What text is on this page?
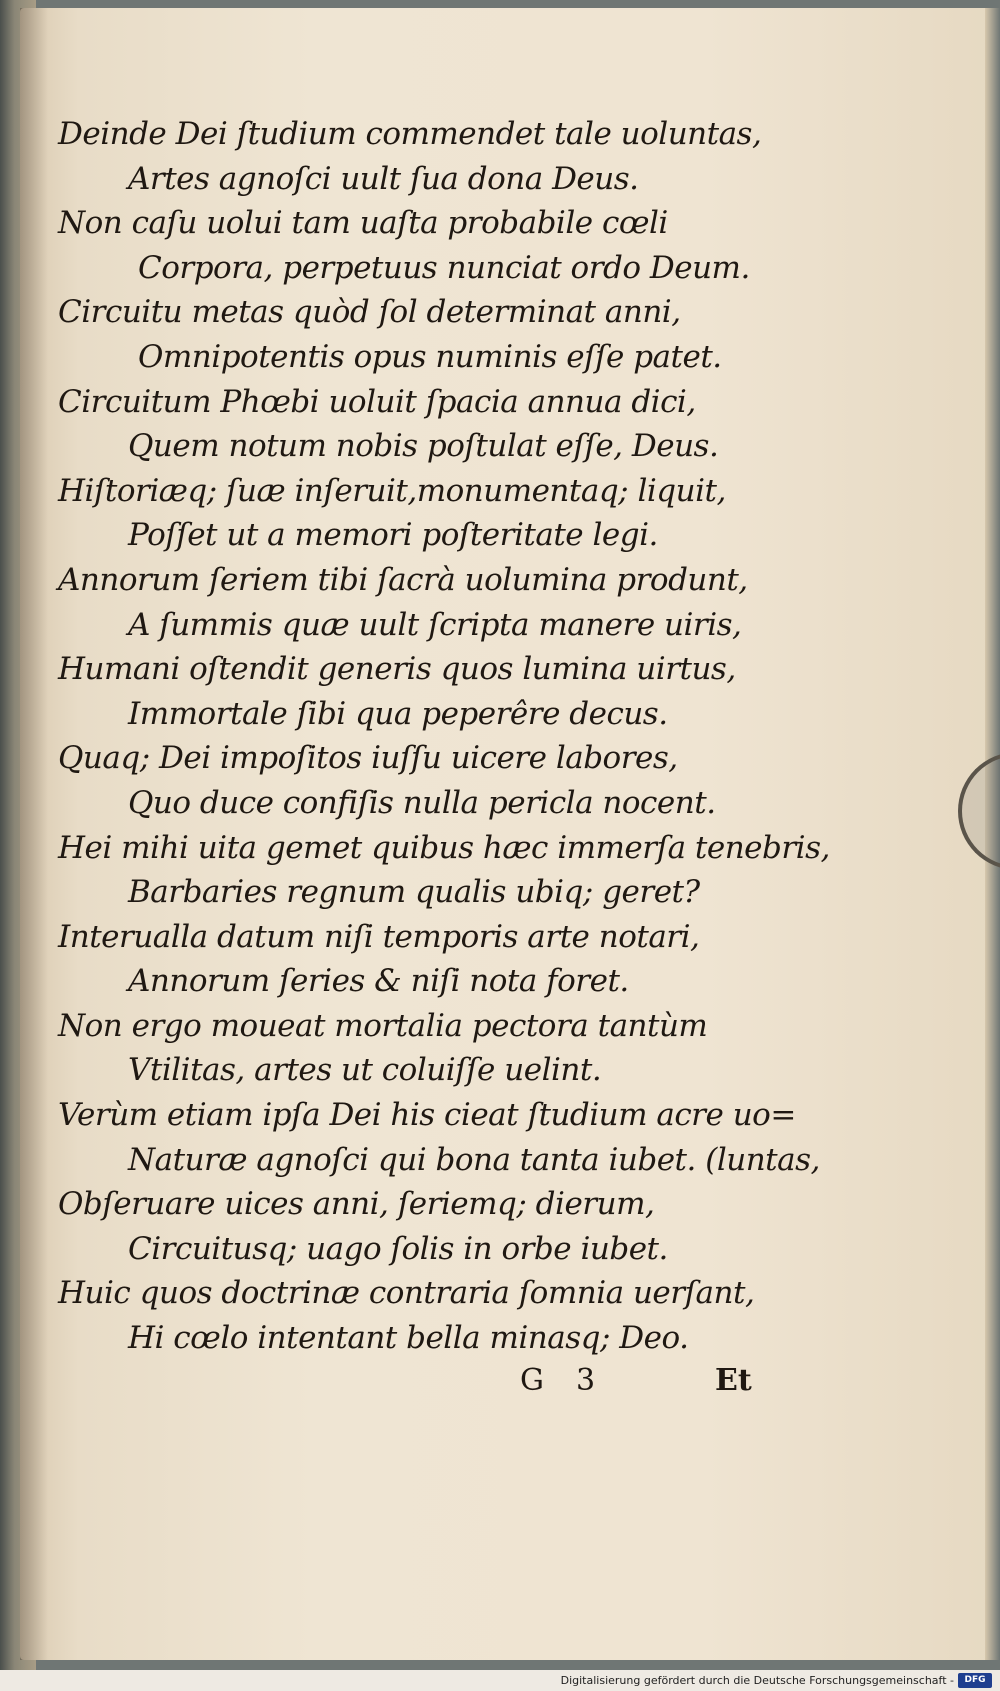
Deinde Dei ſtudium commendet tale uoluntas,
Artes agnoſci uult ſua dona Deus.
Non caſu uolui tam uaſta probabile cœli
Corpora, perpetuus nunciat ordo Deum.
Circuitu metas quòd ſol determinat anni,
Omnipotentis opus numinis eſſe patet.
Circuitum Phœbi uoluit ſpacia annua dici,
Quem notum nobis poſtulat eſſe, Deus.
Hiſtoriæq; ſuæ inſeruit,monumentaq; liquit,
Poſſet ut a memori poſteritate legi.
Annorum ſeriem tibi ſacrà uolumina produnt,
A ſummis quæ uult ſcripta manere uiris,
Humani oſtendit generis quos lumina uirtus,
Immortale ſibi qua peperêre decus.
Quaq; Dei impoſitos iuſſu uicere labores,
Quo duce confiſis nulla pericla nocent.
Hei mihi uita gemet quibus hæc immerſa tenebris,
Barbaries regnum qualis ubiq; geret?
Interualla datum niſi temporis arte notari,
Annorum ſeries & niſi nota foret.
Non ergo moueat mortalia pectora tantùm
Vtilitas, artes ut coluiſſe uelint.
Verùm etiam ipſa Dei his cieat ſtudium acre uo=
Naturæ agnoſci qui bona tanta iubet. (luntas,
Obſeruare uices anni, ſeriemq; dierum,
Circuitusq; uago ſolis in orbe iubet.
Huic quos doctrinæ contraria ſomnia uerſant,
Hi cœlo intentant bella minasq; Deo.
G 3	Et
Digitalisierung gefördert durch die Deutsche Forschungsgemeinschaft -	DFG
